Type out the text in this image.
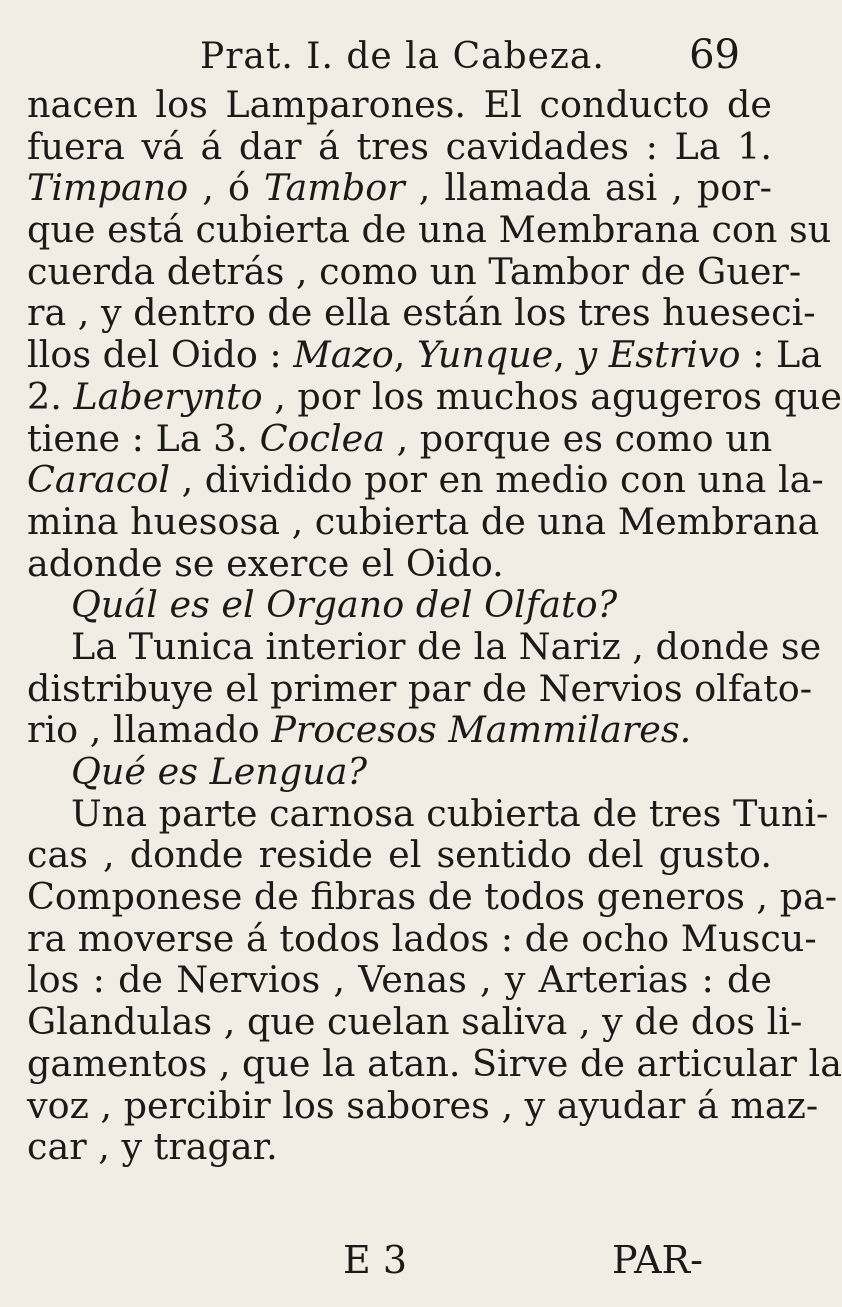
Prat. I. de la Cabeza. 69
nacen los Lamparones. El conducto de
fuera vá á dar á tres cavidades : La 1.
Timpano , ó Tambor , llamada asi , por-
que está cubierta de una Membrana con su
cuerda detrás , como un Tambor de Guer-
ra , y dentro de ella están los tres hueseci-
llos del Oido : Mazo, Yunque, y Estrivo : La
2. Laberynto , por los muchos agugeros que
tiene : La 3. Coclea , porque es como un
Caracol , dividido por en medio con una la-
mina huesosa , cubierta de una Membrana
adonde se exerce el Oido.
Quál es el Organo del Olfato?
La Tunica interior de la Nariz , donde se
distribuye el primer par de Nervios olfato-
rio , llamado Procesos Mammilares.
Qué es Lengua?
Una parte carnosa cubierta de tres Tuni-
cas , donde reside el sentido del gusto.
Componese de fibras de todos generos , pa-
ra moverse á todos lados : de ocho Muscu-
los : de Nervios , Venas , y Arterias : de
Glandulas , que cuelan saliva , y de dos li-
gamentos , que la atan. Sirve de articular la
voz , percibir los sabores , y ayudar á maz-
car , y tragar.
E 3	PAR-
